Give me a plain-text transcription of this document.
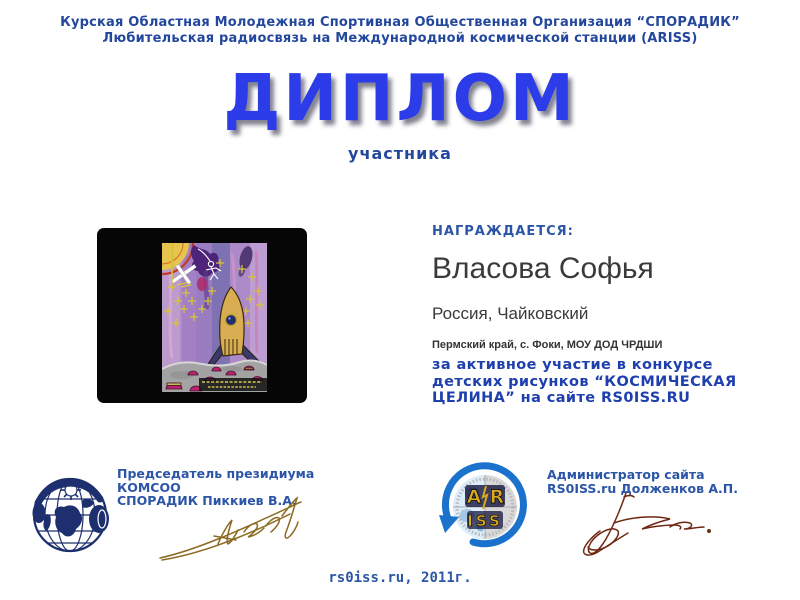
Курская Областная Молодежная Спортивная Общественная Организация “СПОРАДИК”
Любительская радиосвязь на Международной космической станции (ARISS)
ДИПЛОМ
участника
НАГРАЖДАЕТСЯ:
Власова Софья
Россия, Чайковский
Пермский край, с. Фоки, МОУ ДОД ЧРДШИ
за активное участие в конкурсе
детских рисунков “КОСМИЧЕСКАЯ
ЦЕЛИНА” на сайте RS0ISS.RU
Председатель президиума КОМСОО
СПОРАДИК Пиккиев В.А.	A R
ISS
Администратор сайта
RS0ISS.ru Долженков А.П.
rs0iss.ru, 2011г.
